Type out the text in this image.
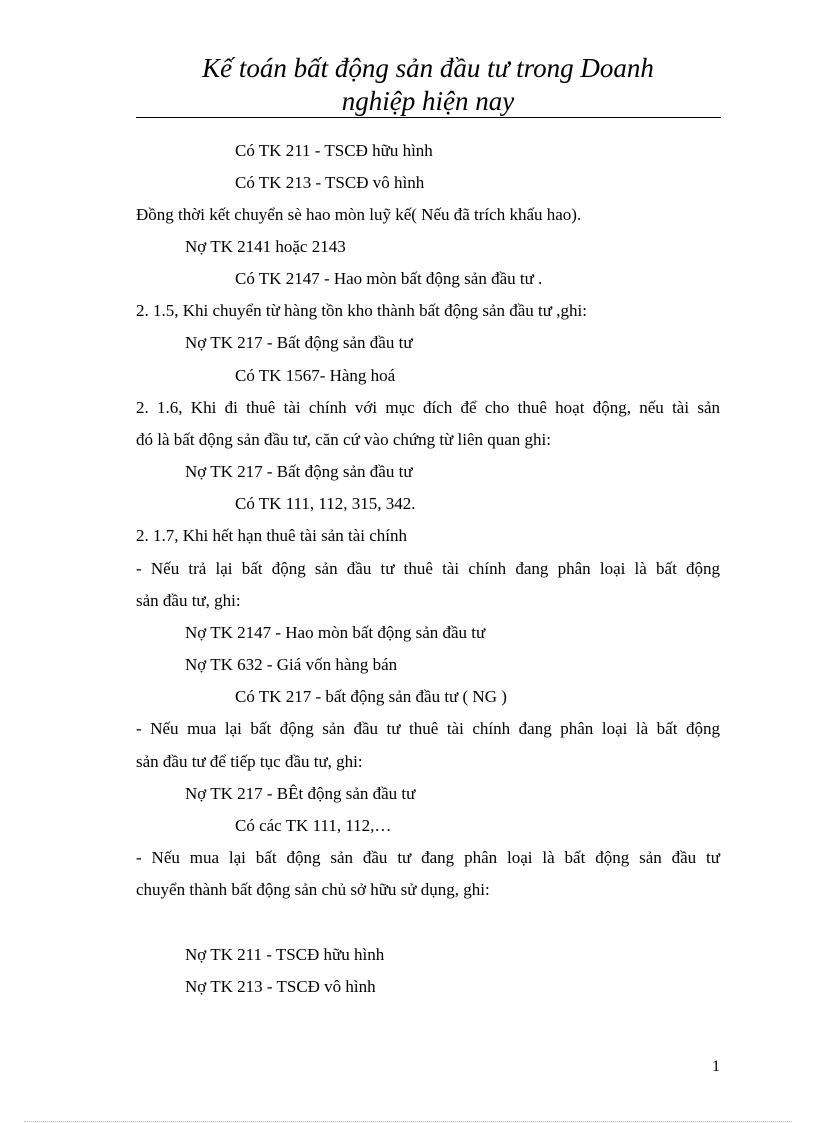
Kế toán bất động sản đầu tư trong Doanh
nghiệp hiện nay
Có TK 211 - TSCĐ hữu hình
Có TK 213 - TSCĐ vô hình
Đồng thời kết chuyển sè hao mòn luỹ kế( Nếu đã trích khấu hao).
Nợ TK 2141 hoặc 2143
Có TK 2147 - Hao mòn bất động sản đầu tư .
2. 1.5, Khi chuyển từ hàng tồn kho thành bất động sản đầu tư ,ghi:
Nợ TK 217 - Bất động sản đầu tư
Có TK 1567- Hàng hoá
2. 1.6, Khi đi thuê tài chính với mục đích để cho thuê hoạt động, nếu tài sản
đó là bất động sản đầu tư, căn cứ vào chứng từ liên quan ghi:
Nợ TK 217 - Bất động sản đầu tư
Có TK 111, 112, 315, 342.
2. 1.7, Khi hết hạn thuê tài sản tài chính
- Nếu trả lại bất động sản đầu tư thuê tài chính đang phân loại là bất động
sản đầu tư, ghi:
Nợ TK 2147 - Hao mòn bất động sản đầu tư
Nợ TK 632 - Giá vốn hàng bán
Có TK 217 - bất động sản đầu tư ( NG )
- Nếu mua lại bất động sản đầu tư thuê tài chính đang phân loại là bất động
sản đầu tư để tiếp tục đầu tư, ghi:
Nợ TK 217 - BÊt động sản đầu tư
Có các TK 111, 112,…
- Nếu mua lại bất động sản đầu tư đang phân loại là bất động sản đầu tư
chuyển thành bất động sản chủ sở hữu sử dụng, ghi:
Nợ TK 211 - TSCĐ hữu hình
Nợ TK 213 - TSCĐ vô hình
1
